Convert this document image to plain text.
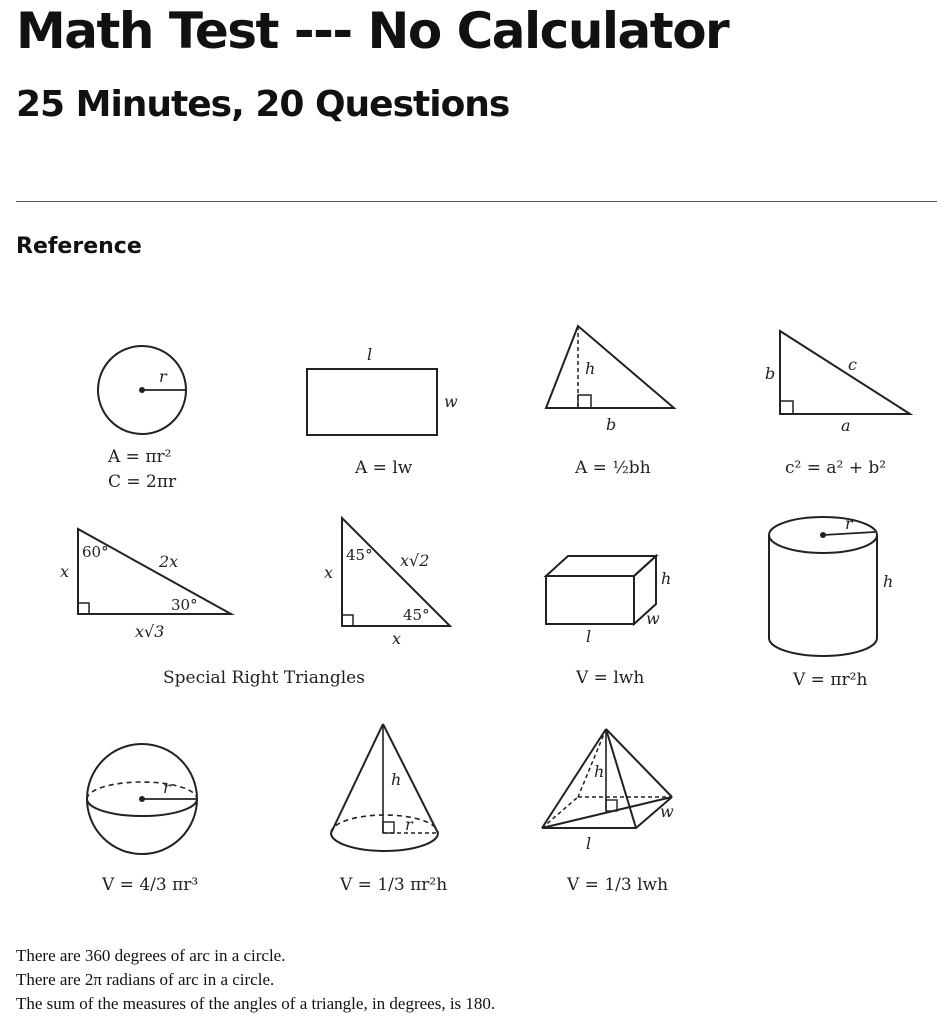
Math Test --- No Calculator
25 Minutes, 20 Questions
Reference
r
A = πr²
C = 2πr
l
w
A = lw
h
b
A = ½bh
b	c
a
c² = a² + b²
x
60°	2x
30°
x√3
x
45° x√2
45°
x
Special Right Triangles
h
w
l
V = lwh
r
h
V = πr²h
r
V = 4/3 πr³
h
r
V = 1/3 πr²h
h
w
l
V = 1/3 lwh
There are 360 degrees of arc in a circle.
There are 2π radians of arc in a circle.
The sum of the measures of the angles of a triangle, in degrees, is 180.
